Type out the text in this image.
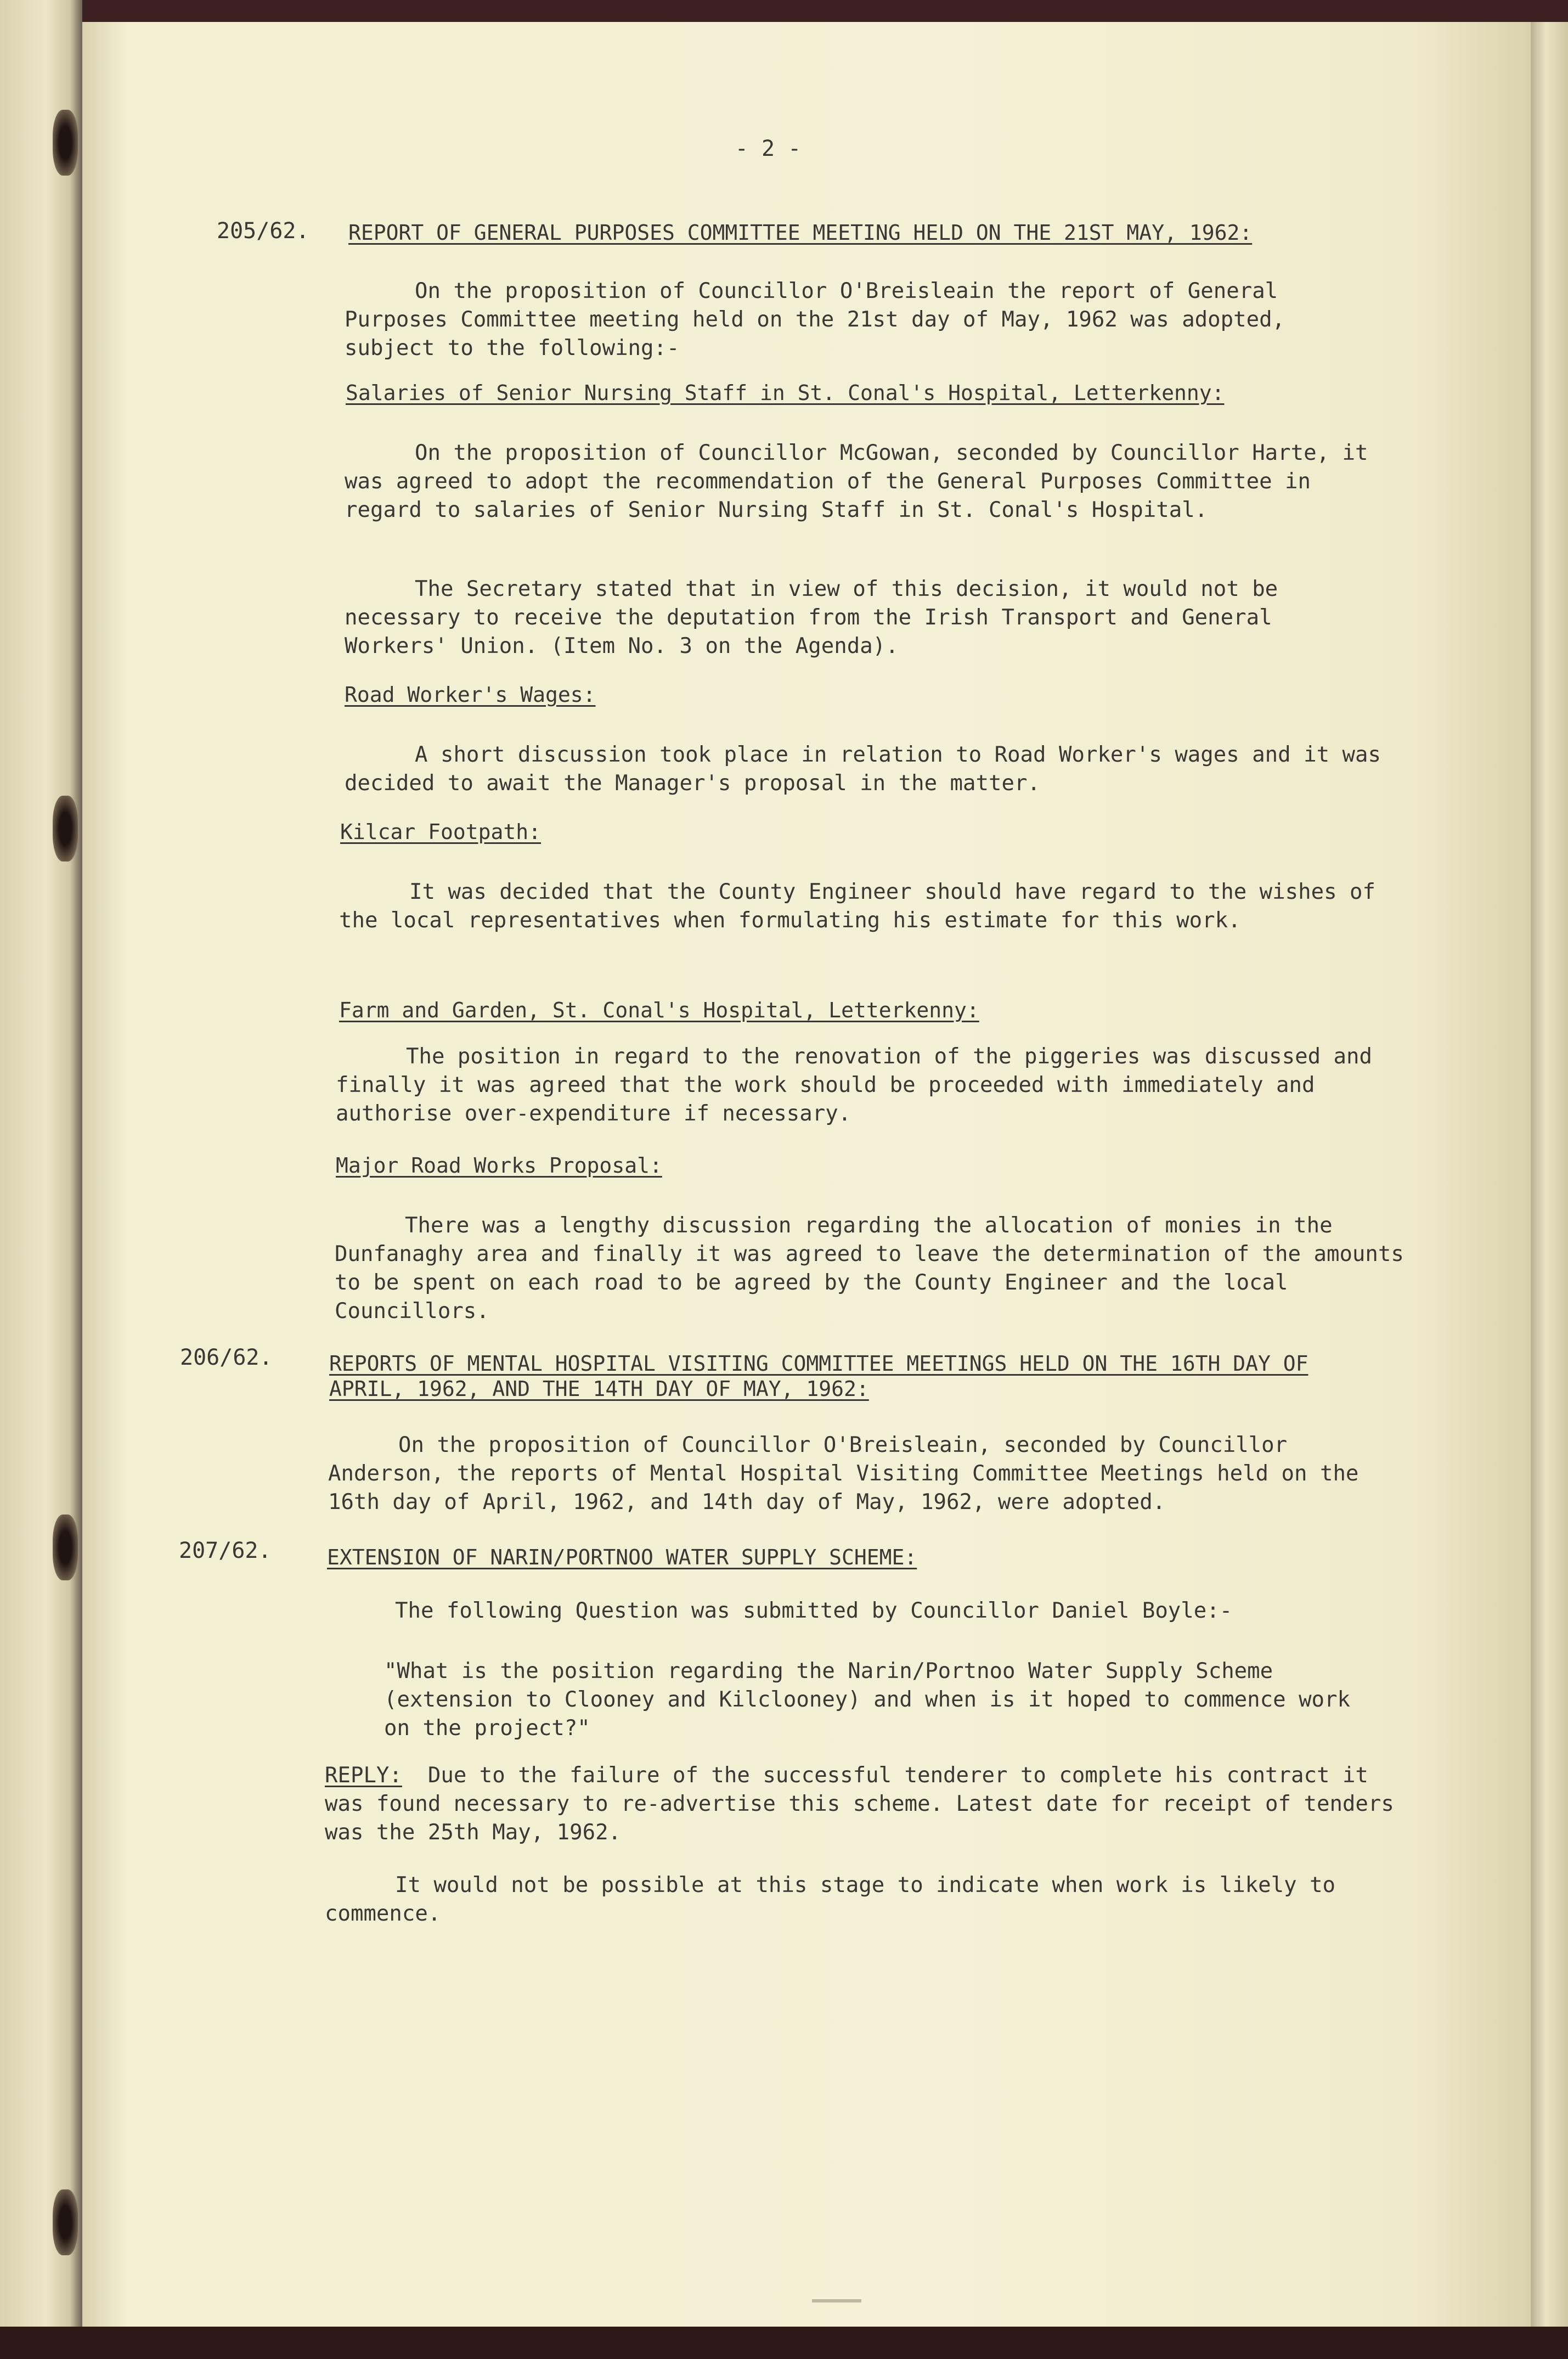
- 2 -

205/62. REPORT OF GENERAL PURPOSES COMMITTEE MEETING HELD ON THE 21ST MAY, 1962:

On the proposition of Councillor O'Breisleain the report of General Purposes Committee meeting held on the 21st day of May, 1962 was adopted, subject to the following:-

Salaries of Senior Nursing Staff in St. Conal's Hospital, Letterkenny:

On the proposition of Councillor McGowan, seconded by Councillor Harte, it was agreed to adopt the recommendation of the General Purposes Committee in regard to salaries of Senior Nursing Staff in St. Conal's Hospital.

The Secretary stated that in view of this decision, it would not be necessary to receive the deputation from the Irish Transport and General Workers' Union. (Item No. 3 on the Agenda).

Road Worker's Wages:

A short discussion took place in relation to Road Worker's wages and it was decided to await the Manager's proposal in the matter.

Kilcar Footpath:

It was decided that the County Engineer should have regard to the wishes of the local representatives when formulating his estimate for this work.

Farm and Garden, St. Conal's Hospital, Letterkenny:

The position in regard to the renovation of the piggeries was discussed and finally it was agreed that the work should be proceeded with immediately and authorise over-expenditure if necessary.

Major Road Works Proposal:

There was a lengthy discussion regarding the allocation of monies in the Dunfanaghy area and finally it was agreed to leave the determination of the amounts to be spent on each road to be agreed by the County Engineer and the local Councillors.

206/62.	REPORTS OF MENTAL HOSPITAL VISITING COMMITTEE MEETINGS HELD ON THE 16TH DAY OF APRIL, 1962, AND THE 14TH DAY OF MAY, 1962:

On the proposition of Councillor O'Breisleain, seconded by Councillor Anderson, the reports of Mental Hospital Visiting Committee Meetings held on the 16th day of April, 1962, and 14th day of May, 1962, were adopted.

207/62.	EXTENSION OF NARIN/PORTNOO WATER SUPPLY SCHEME:

The following Question was submitted by Councillor Daniel Boyle:-

"What is the position regarding the Narin/Portnoo Water Supply Scheme (extension to Clooney and Kilclooney) and when is it hoped to commence work on the project?"

REPLY: Due to the failure of the successful tenderer to complete his contract it was found necessary to re-advertise this scheme. Latest date for receipt of tenders was the 25th May, 1962.

It would not be possible at this stage to indicate when work is likely to commence.
